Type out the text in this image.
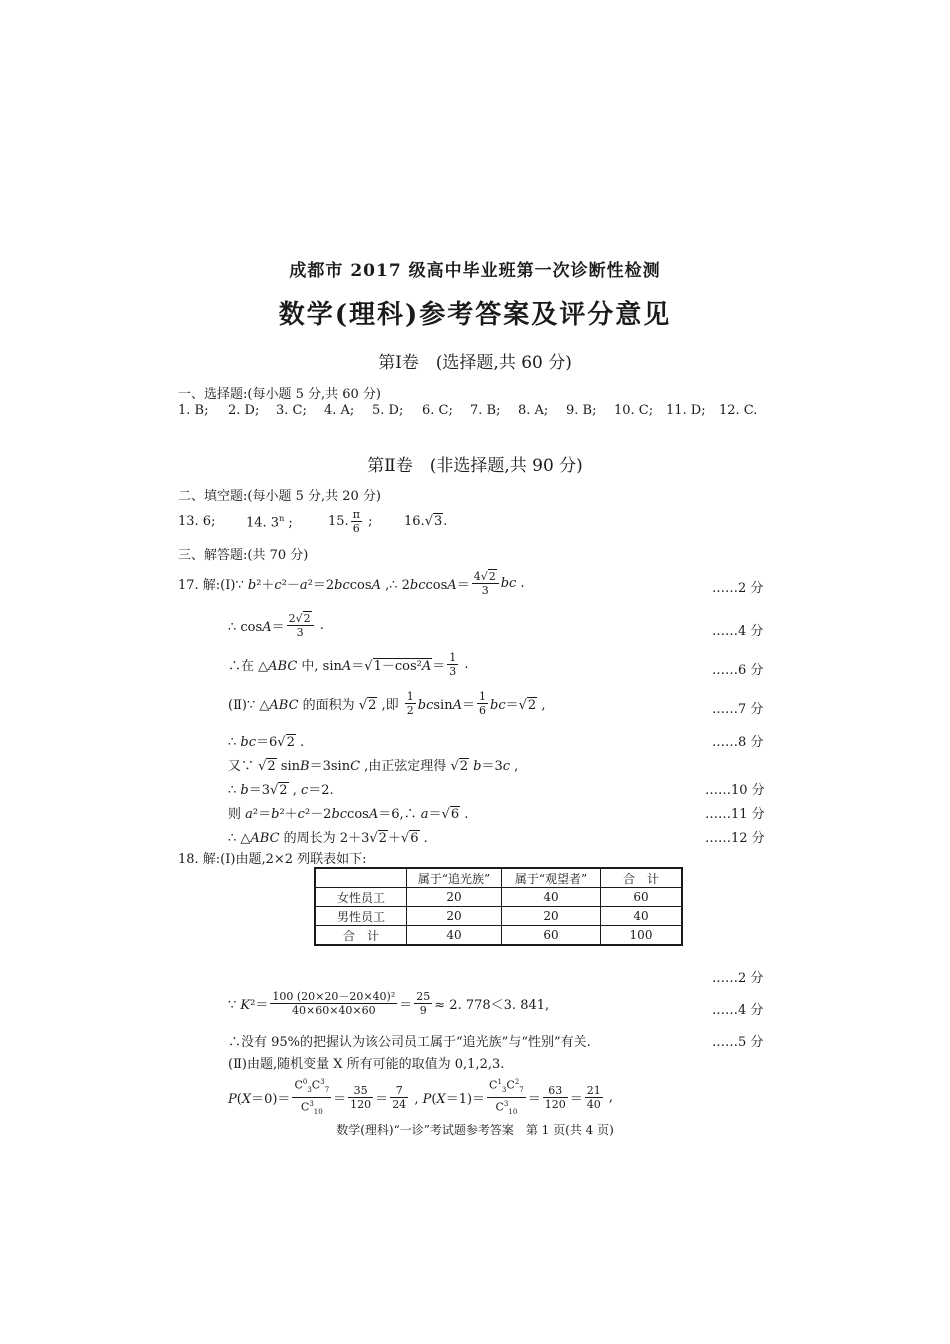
成都市 2017 级高中毕业班第一次诊断性检测
数学(理科)参考答案及评分意见
第Ⅰ卷　(选择题,共 60 分)
一、选择题:(每小题 5 分,共 60 分)
1. B; 2. D; 3. C; 4. A; 5. D; 6. C; 7. B; 8. A; 9. B; 10. C; 11. D; 12. C.
第Ⅱ卷　(非选择题,共 90 分)
二、填空题:(每小题 5 分,共 20 分)
13. 6; 14. 3$^n$ ;	15. $\frac{\pi}{6}$ ; 16.√3.
三、解答题:(共 70 分)
17. 解:(Ⅰ)∵ b²＋c²－a²＝2bccosA ,∴ $2bccosA= \frac{4√2}{3}$ bc .	……2 分
∴ $\cos A= \frac{2√2}{3}$ .	……4 分
∴在 △ABC 中, $\sin A=√1-\cos^2A= \frac{1}{3}$ .	……6 分
(Ⅱ)∵ △ABC 的面积为 √2 ,即 $\frac{1}{2} bcsinA= \frac{1}{6} bc=√2$ ,	……7 分
∴ bc＝6√2 .	……8 分
又∵ √2 sinB＝3sinC ,由正弦定理得 √2 b＝3c ,
∴ b＝3√2 , c＝2.	……10 分
则 a²＝b²＋c²－2bccosA＝6,∴ a＝√6 .	……11 分
∴ △ABC 的周长为 2＋3√2＋√6 .	……12 分
18. 解:(Ⅰ)由题,2×2 列联表如下:
	属于“追光族”	属于“观望者”	合　计
女性员工	20	40	60
男性员工	20	20	40
合　计	40	60	100
……2 分
∵ $K^2= \frac{\text{100 (20×20－20×40)²}}{40\times 60\times 40\times 60} = \frac{25}{9} \approx 2$. 778＜3. 841,	……4 分
∴没有 95%的把握认为该公司员工属于“追光族”与“性别”有关.	……5 分
(Ⅱ)由题,随机变量 X 所有可能的取值为 0,1,2,3.
$P(X=0)= \frac{C^0_3C^3_7}{C^3_{10}} = \frac{35}{120} = \frac{7}{24}$ , $P(X=1)= \frac{C^1_3C^2_7}{C^3_{10}} = \frac{63}{120} = \frac{21}{40}$ ,
数学(理科)“一诊”考试题参考答案　第 1 页(共 4 页)
